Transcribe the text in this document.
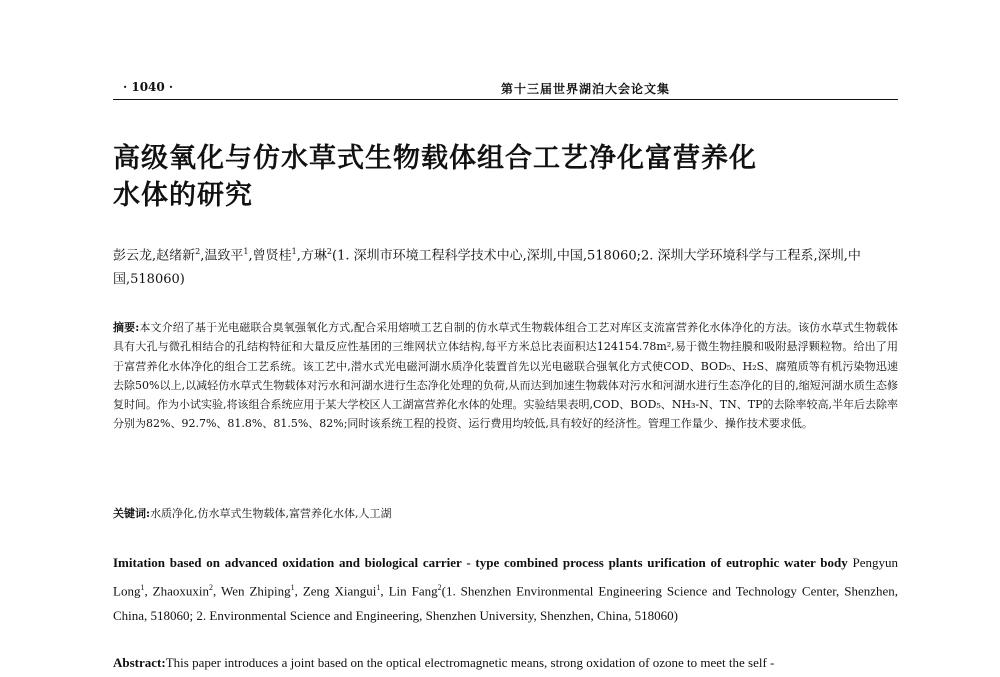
· 1040 ·	第十三届世界湖泊大会论文集
高级氧化与仿水草式生物载体组合工艺净化富营养化
水体的研究
彭云龙,赵绪新$^2$,温致平$^1$,曾贤桂$^1$,方琳$^2$(1. 深圳市环境工程科学技术中心,深圳,中国,518060;2. 深圳大学环境科学与工程系,深圳,中国,518060)
摘要:本文介绍了基于光电磁联合臭氧强氧化方式,配合采用熔喷工艺自制的仿水草式生物载体组合工艺对库区支流富营养化水体净化的方法。该仿水草式生物载体具有大孔与微孔相结合的孔结构特征和大量反应性基团的三维网状立体结构,每平方米总比表面积达124154.78m²,易于微生物挂膜和吸附悬浮颗粒物。给出了用于富营养化水体净化的组合工艺系统。该工艺中,潜水式光电磁河湖水质净化装置首先以光电磁联合强氧化方式使COD、BOD₅、H₂S、腐殖质等有机污染物迅速去除50%以上,以减轻仿水草式生物载体对污水和河湖水进行生态净化处理的负荷,从而达到加速生物载体对污水和河湖水进行生态净化的目的,缩短河湖水质生态修复时间。作为小试实验,将该组合系统应用于某大学校区人工湖富营养化水体的处理。实验结果表明,COD、BOD₅、NH₃-N、TN、TP的去除率较高,半年后去除率分别为82%、92.7%、81.8%、81.5%、82%;同时该系统工程的投资、运行费用均较低,具有较好的经济性。管理工作量少、操作技术要求低。
关键词:水质净化,仿水草式生物载体,富营养化水体,人工湖
Imitation based on advanced oxidation and biological carrier - type combined process plants urification of eutrophic water body Pengyun Long$^1$, Zhaoxuxin$^2$, Wen Zhiping$^1$, Zeng Xiangui$^1$, Lin Fang$^2$(1. Shenzhen Environmental Engineering Science and Technology Center, Shenzhen, China, 518060; 2. Environmental Science and Engineering, Shenzhen University, Shenzhen, China, 518060)
Abstract:This paper introduces a joint based on the optical electromagnetic means, strong oxidation of ozone to meet the self -
